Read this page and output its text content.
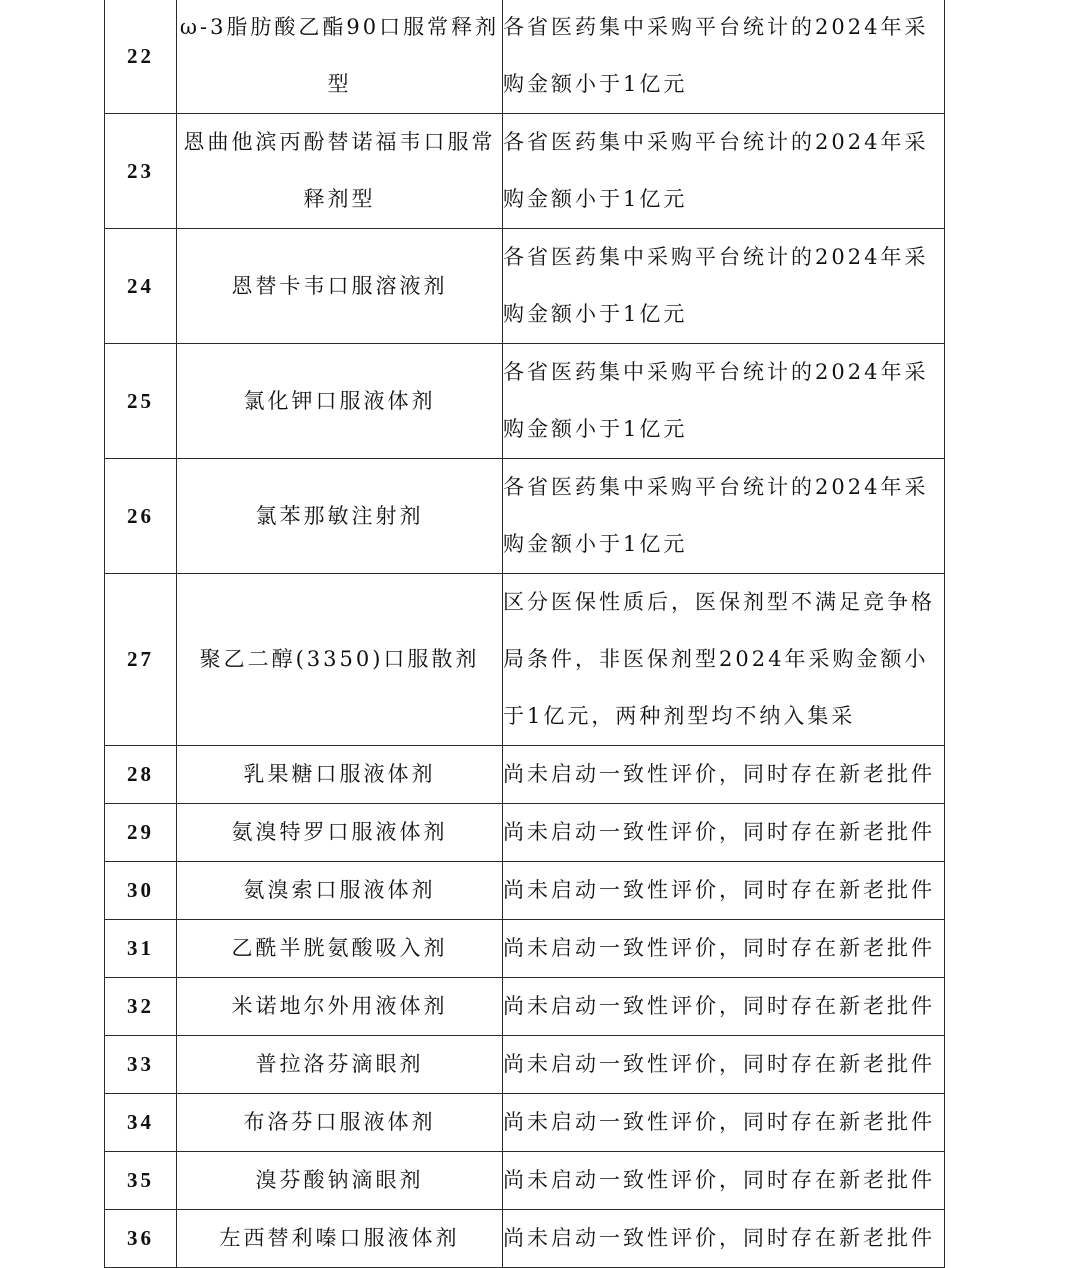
22	ω-3脂肪酸乙酯90口服常释剂型	各省医药集中采购平台统计的2024年采购金额小于1亿元
23	恩曲他滨丙酚替诺福韦口服常释剂型	各省医药集中采购平台统计的2024年采购金额小于1亿元
24	恩替卡韦口服溶液剂	各省医药集中采购平台统计的2024年采购金额小于1亿元
25	氯化钾口服液体剂	各省医药集中采购平台统计的2024年采购金额小于1亿元
26	氯苯那敏注射剂	各省医药集中采购平台统计的2024年采购金额小于1亿元
27	聚乙二醇(3350)口服散剂	区分医保性质后，医保剂型不满足竞争格局条件，非医保剂型2024年采购金额小于1亿元，两种剂型均不纳入集采
28	乳果糖口服液体剂	尚未启动一致性评价，同时存在新老批件
29	氨溴特罗口服液体剂	尚未启动一致性评价，同时存在新老批件
30	氨溴索口服液体剂	尚未启动一致性评价，同时存在新老批件
31	乙酰半胱氨酸吸入剂	尚未启动一致性评价，同时存在新老批件
32	米诺地尔外用液体剂	尚未启动一致性评价，同时存在新老批件
33	普拉洛芬滴眼剂	尚未启动一致性评价，同时存在新老批件
34	布洛芬口服液体剂	尚未启动一致性评价，同时存在新老批件
35	溴芬酸钠滴眼剂	尚未启动一致性评价，同时存在新老批件
36	左西替利嗪口服液体剂	尚未启动一致性评价，同时存在新老批件
